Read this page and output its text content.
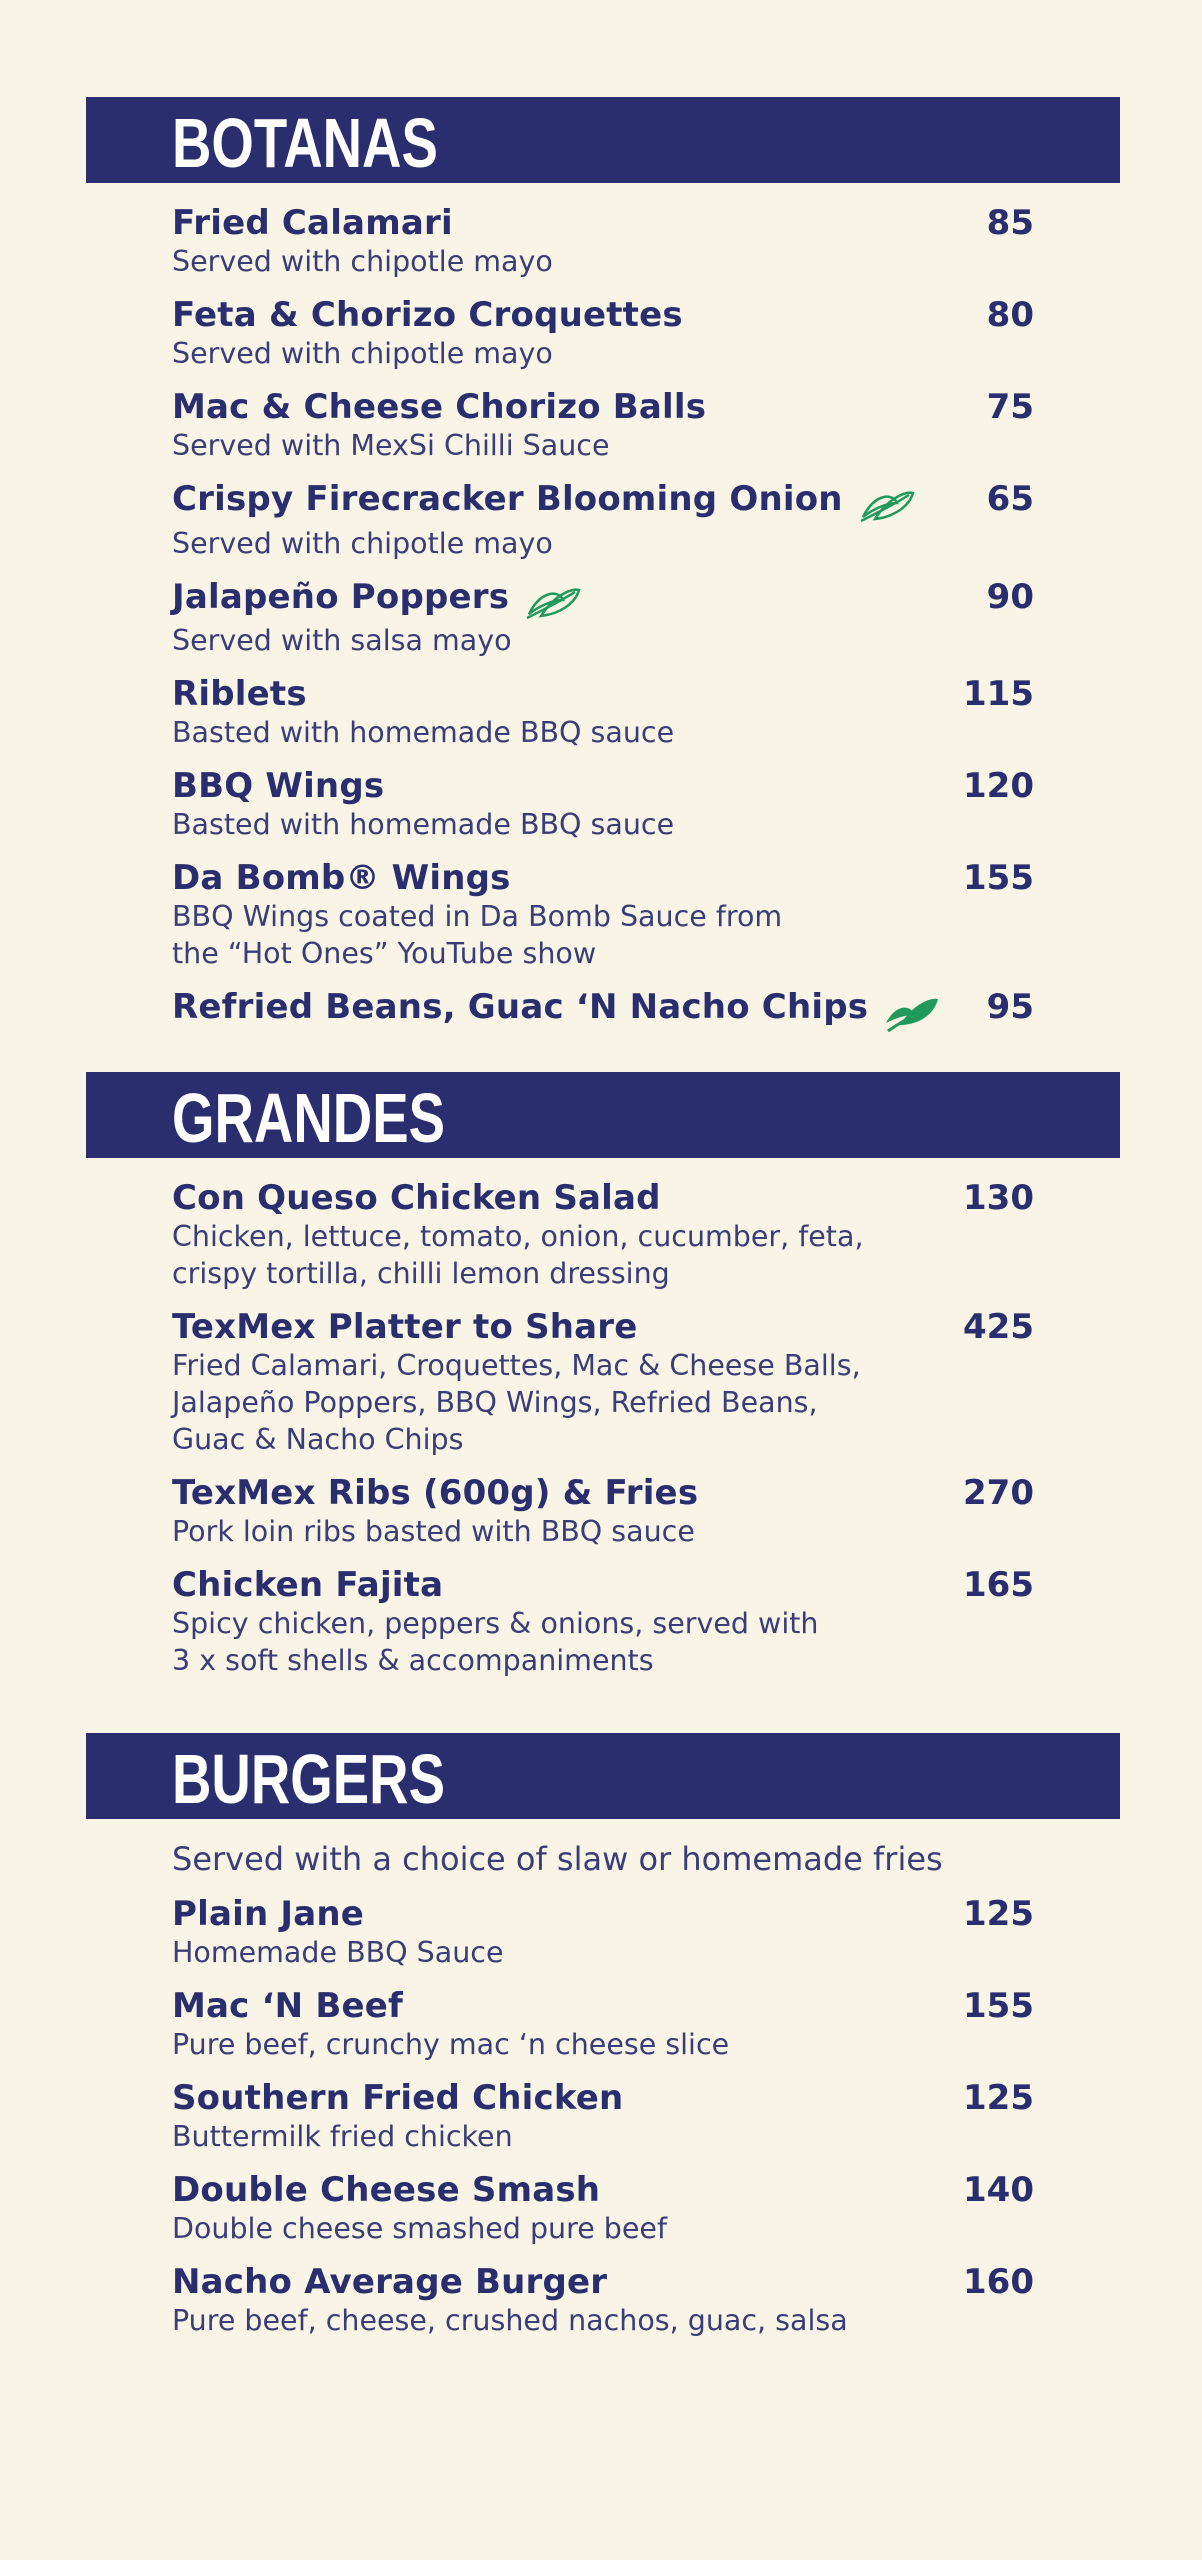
BOTANAS
Fried Calamari	85
Served with chipotle mayo
Feta & Chorizo Croquettes	80
Served with chipotle mayo
Mac & Cheese Chorizo Balls	75
Served with MexSi Chilli Sauce
Crispy Firecracker Blooming Onion	65
Served with chipotle mayo
Jalapeño Poppers	90
Served with salsa mayo
Riblets	115
Basted with homemade BBQ sauce
BBQ Wings	120
Basted with homemade BBQ sauce
Da Bomb® Wings	155
BBQ Wings coated in Da Bomb Sauce from
the “Hot Ones” YouTube show
Refried Beans, Guac ‘N Nacho Chips	95
GRANDES
Con Queso Chicken Salad	130
Chicken, lettuce, tomato, onion, cucumber, feta,
crispy tortilla, chilli lemon dressing
TexMex Platter to Share	425
Fried Calamari, Croquettes, Mac & Cheese Balls,
Jalapeño Poppers, BBQ Wings, Refried Beans,
Guac & Nacho Chips
TexMex Ribs (600g) & Fries	270
Pork loin ribs basted with BBQ sauce
Chicken Fajita	165
Spicy chicken, peppers & onions, served with
3 x soft shells & accompaniments
BURGERS
Served with a choice of slaw or homemade fries
Plain Jane	125
Homemade BBQ Sauce
Mac ‘N Beef	155
Pure beef, crunchy mac ‘n cheese slice
Southern Fried Chicken	125
Buttermilk fried chicken
Double Cheese Smash	140
Double cheese smashed pure beef
Nacho Average Burger	160
Pure beef, cheese, crushed nachos, guac, salsa
